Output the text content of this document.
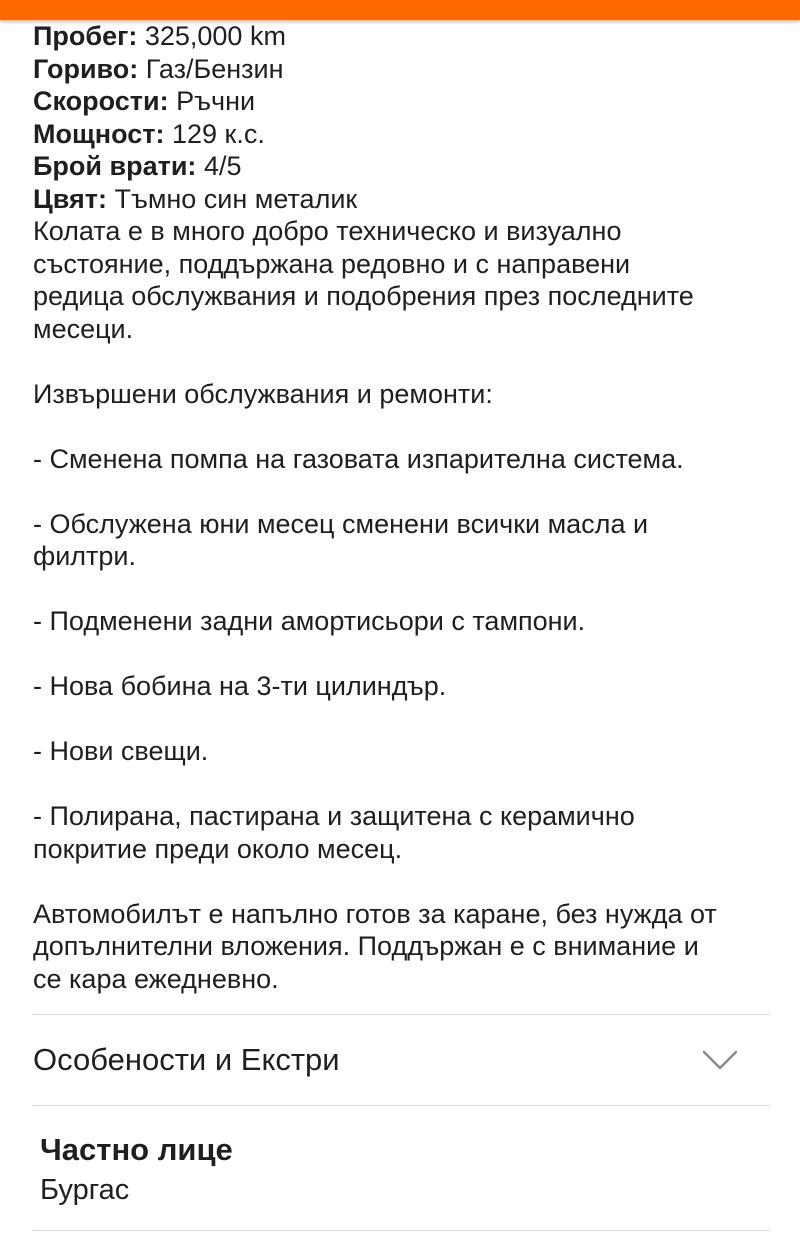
Пробег: 325,000 km
Гориво: Газ/Бензин
Скорости: Ръчни
Мощност: 129 к.с.
Брой врати: 4/5
Цвят: Тъмно син металик

Колата е в много добро техническо и визуално

състояние, поддържана редовно и с направени

редица обслужвания и подобрения през последните

месеци.

Извършени обслужвания и ремонти:

- Сменена помпа на газовата изпарителна система.

- Обслужена юни месец сменени всички масла и

филтри.

- Подменени задни амортисьори с тампони.

- Нова бобина на 3-ти цилиндър.

- Нови свещи.

- Полирана, пастирана и защитена с керамично

покритие преди около месец.

Автомобилът е напълно готов за каране, без нужда от

допълнителни вложения. Поддържан е с внимание и

се кара ежедневно.

Особености и Екстри
Частно лице
Бургас
